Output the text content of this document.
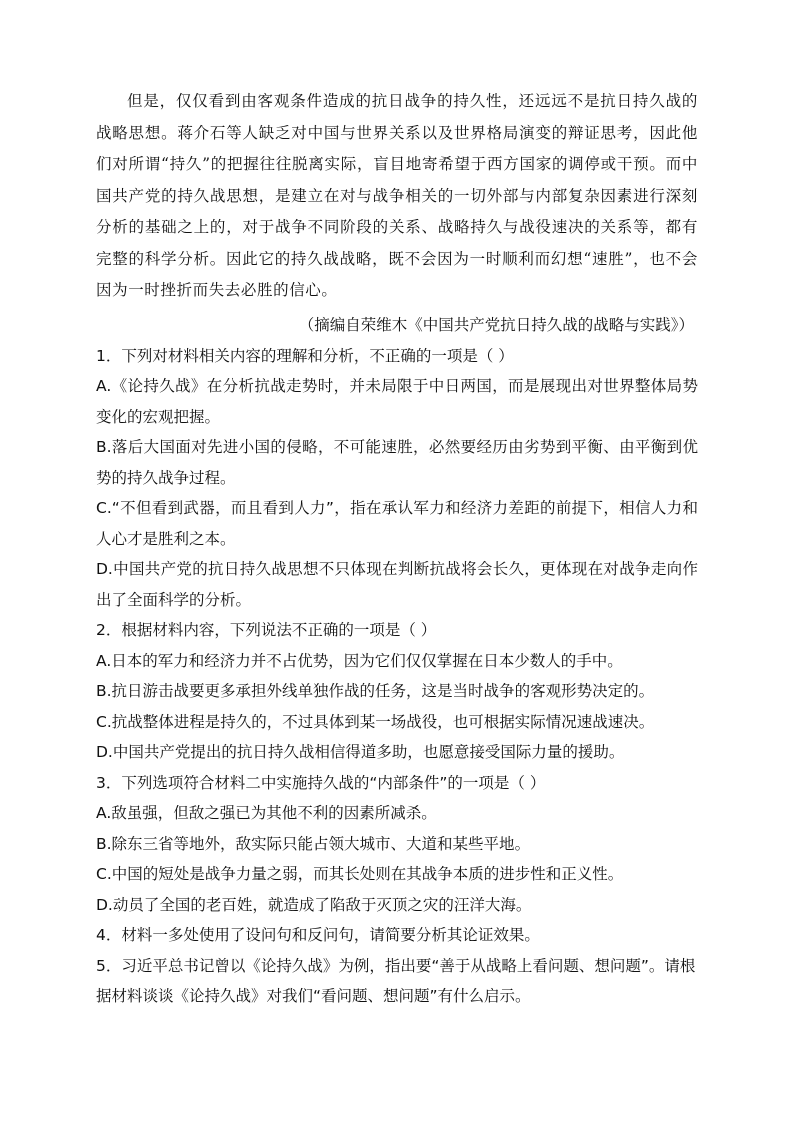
但是，仅仅看到由客观条件造成的抗日战争的持久性，还远远不是抗日持久战的战略思想。蒋介石等人缺乏对中国与世界关系以及世界格局演变的辩证思考，因此他们对所谓“持久”的把握往往脱离实际，盲目地寄希望于西方国家的调停或干预。而中国共产党的持久战思想，是建立在对与战争相关的一切外部与内部复杂因素进行深刻分析的基础之上的，对于战争不同阶段的关系、战略持久与战役速决的关系等，都有完整的科学分析。因此它的持久战战略，既不会因为一时顺利而幻想“速胜”，也不会因为一时挫折而失去必胜的信心。

（摘编自荣维木《中国共产党抗日持久战的战略与实践》）

1．下列对材料相关内容的理解和分析，不正确的一项是（ ）

A.《论持久战》在分析抗战走势时，并未局限于中日两国，而是展现出对世界整体局势变化的宏观把握。

B.落后大国面对先进小国的侵略，不可能速胜，必然要经历由劣势到平衡、由平衡到优势的持久战争过程。

C.“不但看到武器，而且看到人力”，指在承认军力和经济力差距的前提下，相信人力和人心才是胜利之本。

D.中国共产党的抗日持久战思想不只体现在判断抗战将会长久，更体现在对战争走向作出了全面科学的分析。

2．根据材料内容，下列说法不正确的一项是（ ）

A.日本的军力和经济力并不占优势，因为它们仅仅掌握在日本少数人的手中。

B.抗日游击战要更多承担外线单独作战的任务，这是当时战争的客观形势决定的。

C.抗战整体进程是持久的，不过具体到某一场战役，也可根据实际情况速战速决。

D.中国共产党提出的抗日持久战相信得道多助，也愿意接受国际力量的援助。

3．下列选项符合材料二中实施持久战的“内部条件”的一项是（ ）

A.敌虽强，但敌之强已为其他不利的因素所减杀。

B.除东三省等地外，敌实际只能占领大城市、大道和某些平地。

C.中国的短处是战争力量之弱，而其长处则在其战争本质的进步性和正义性。

D.动员了全国的老百姓，就造成了陷敌于灭顶之灾的汪洋大海。

4．材料一多处使用了设问句和反问句，请简要分析其论证效果。

5．习近平总书记曾以《论持久战》为例，指出要“善于从战略上看问题、想问题”。请根据材料谈谈《论持久战》对我们“看问题、想问题”有什么启示。
